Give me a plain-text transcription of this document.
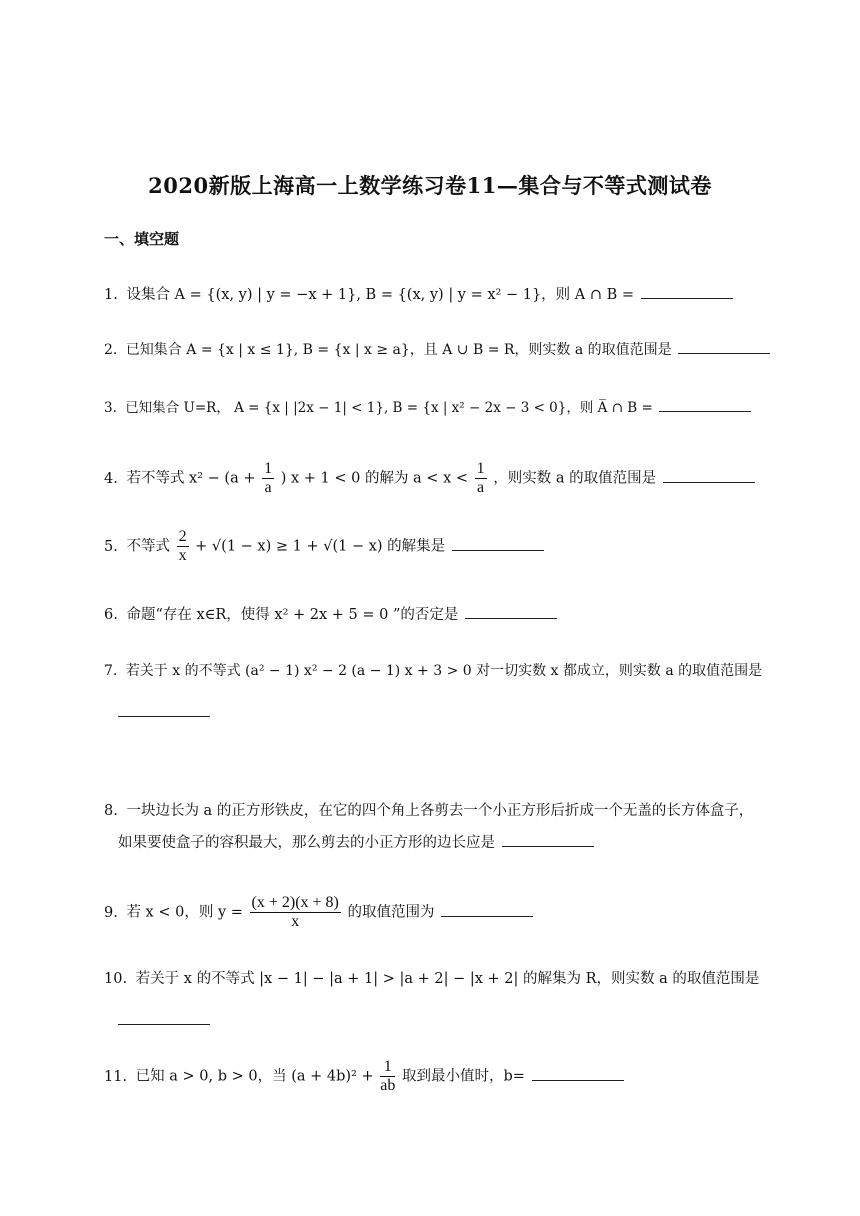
2020新版上海高一上数学练习卷11—集合与不等式测试卷
一、填空题
1. 设集合 A = {(x, y) | y = −x + 1}, B = {(x, y) | y = x² − 1}，则 A ∩ B =
2. 已知集合 A = {x | x ≤ 1}, B = {x | x ≥ a}，且 A ∪ B = R，则实数 a 的取值范围是
3. 已知集合 U=R， A = {x | |2x − 1| < 1}, B = {x | x² − 2x − 3 < 0}，则 A̅ ∩ B =
4. 若不等式 $x^2 - (a + \frac{1}{a}$ ) x + 1 < 0 的解为 $a < x < \frac{1}{a}$ ，则实数 a 的取值范围是
5. 不等式 $\frac{2}{x} + √(1 - x) \ge 1 + √(1 - x)$ 的解集是
6. 命题“存在 x∈R，使得 x² + 2x + 5 = 0 ”的否定是
7. 若关于 x 的不等式 (a² − 1) x² − 2 (a − 1) x + 3 > 0 对一切实数 x 都成立，则实数 a 的取值范围是
8. 一块边长为 a 的正方形铁皮，在它的四个角上各剪去一个小正方形后折成一个无盖的长方体盒子，
如果要使盒子的容积最大，那么剪去的小正方形的边长应是
9. 若 x < 0，则 $y = \frac{(x + 2)(x + 8)}{x}$ 的取值范围为
10. 若关于 x 的不等式 |x − 1| − |a + 1| > |a + 2| − |x + 2| 的解集为 R，则实数 a 的取值范围是
11. 已知 a > 0, b > 0，当 $(a + 4b)^2 + \frac{1}{ab}$ 取到最小值时，b=
